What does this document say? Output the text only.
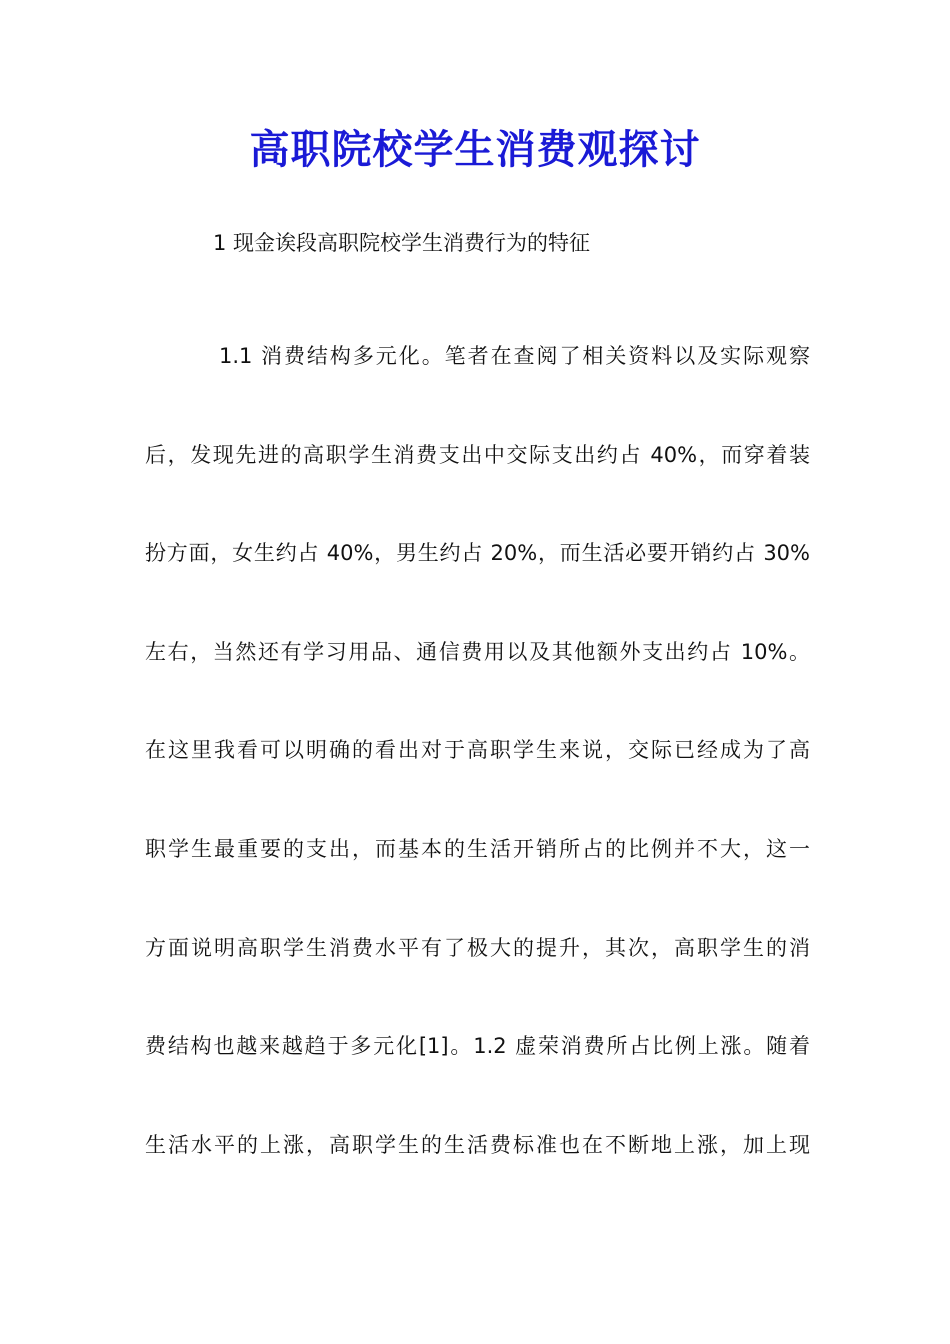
高职院校学生消费观探讨
1 现金诶段高职院校学生消费行为的特征
1.1 消费结构多元化。笔者在查阅了相关资料以及实际观察
后，发现先进的高职学生消费支出中交际支出约占 40%，而穿着装
扮方面，女生约占 40%，男生约占 20%，而生活必要开销约占 30%
左右，当然还有学习用品、通信费用以及其他额外支出约占 10%。
在这里我看可以明确的看出对于高职学生来说，交际已经成为了高
职学生最重要的支出，而基本的生活开销所占的比例并不大，这一
方面说明高职学生消费水平有了极大的提升，其次，高职学生的消
费结构也越来越趋于多元化[1]。1.2 虚荣消费所占比例上涨。随着
生活水平的上涨，高职学生的生活费标准也在不断地上涨，加上现
